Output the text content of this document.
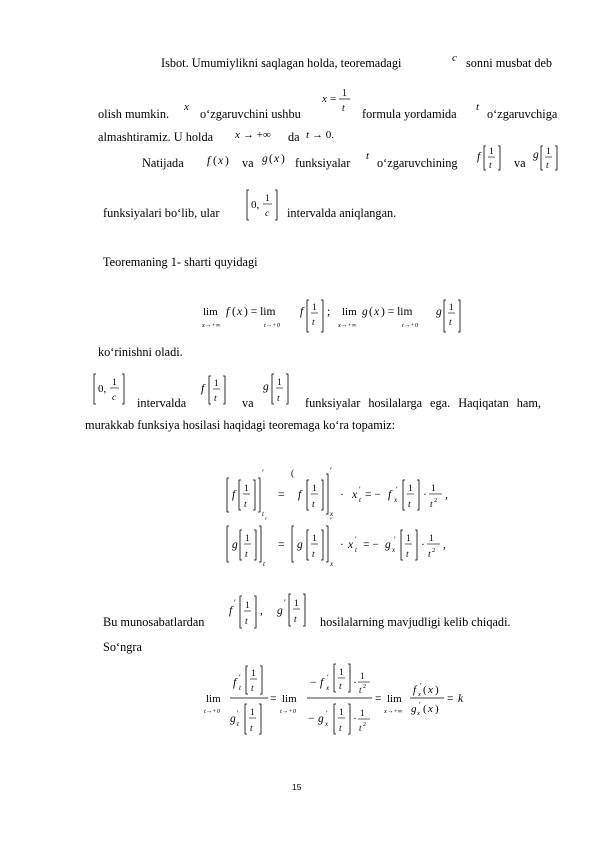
Isbot. Umumiylikni saqlagan holda, teoremadagi	c sonni musbat deb
olish mumkin. x o‘zgaruvchini ushbu
x = 1
t formula yordamida t o‘zgaruvchiga
almashtiramiz. U holda x → +∞ da t → 0.
Natijada f ( x ) va g ( x ) funksiyalar t o‘zgaruvchining f 1
t va
g 1
t
funksiyalari bo‘lib, ular
0, 1
c intervalda aniqlangan.
Teoremaning 1- sharti quyidagi
lim
x→+∞
f ( x ) = lim
t→+0
f 1
t
; lim
x→+∞
g ( x ) = lim
t→+0
g 1
t
ko‘rinishni oladi.
0, 1
c intervalda
f 1
t va
g 1
t funksiyalar hosilalarga ega. Haqiqatan ham,
murakkab funksiya hosilasi haqidagi teoremaga ko‘ra topamiz:
f 1
t
′
t
=
(
f 1
t
′
x
· x ′
t = − f x
′ 1
t
· 1
t 2 ,
g 1
t
′
t
= g 1
t
′
x
· x ′
t = − g x
′ 1
t
· 1
t 2 ,
Bu munosabatlardan
f
′ 1
t
, g
′ 1
t hosilalarning mavjudligi kelib chiqadi.
So‘ngra
lim
t→+0
f t
′ 1
t
g t
′ 1
t
= lim
t→+0
− f x
′ 1
t ·
1
t 2
− g x
′ 1
t
· 1
t 2
= lim
x→+∞
f x
′ ( x )
g x
′ ( x )
= k
15
